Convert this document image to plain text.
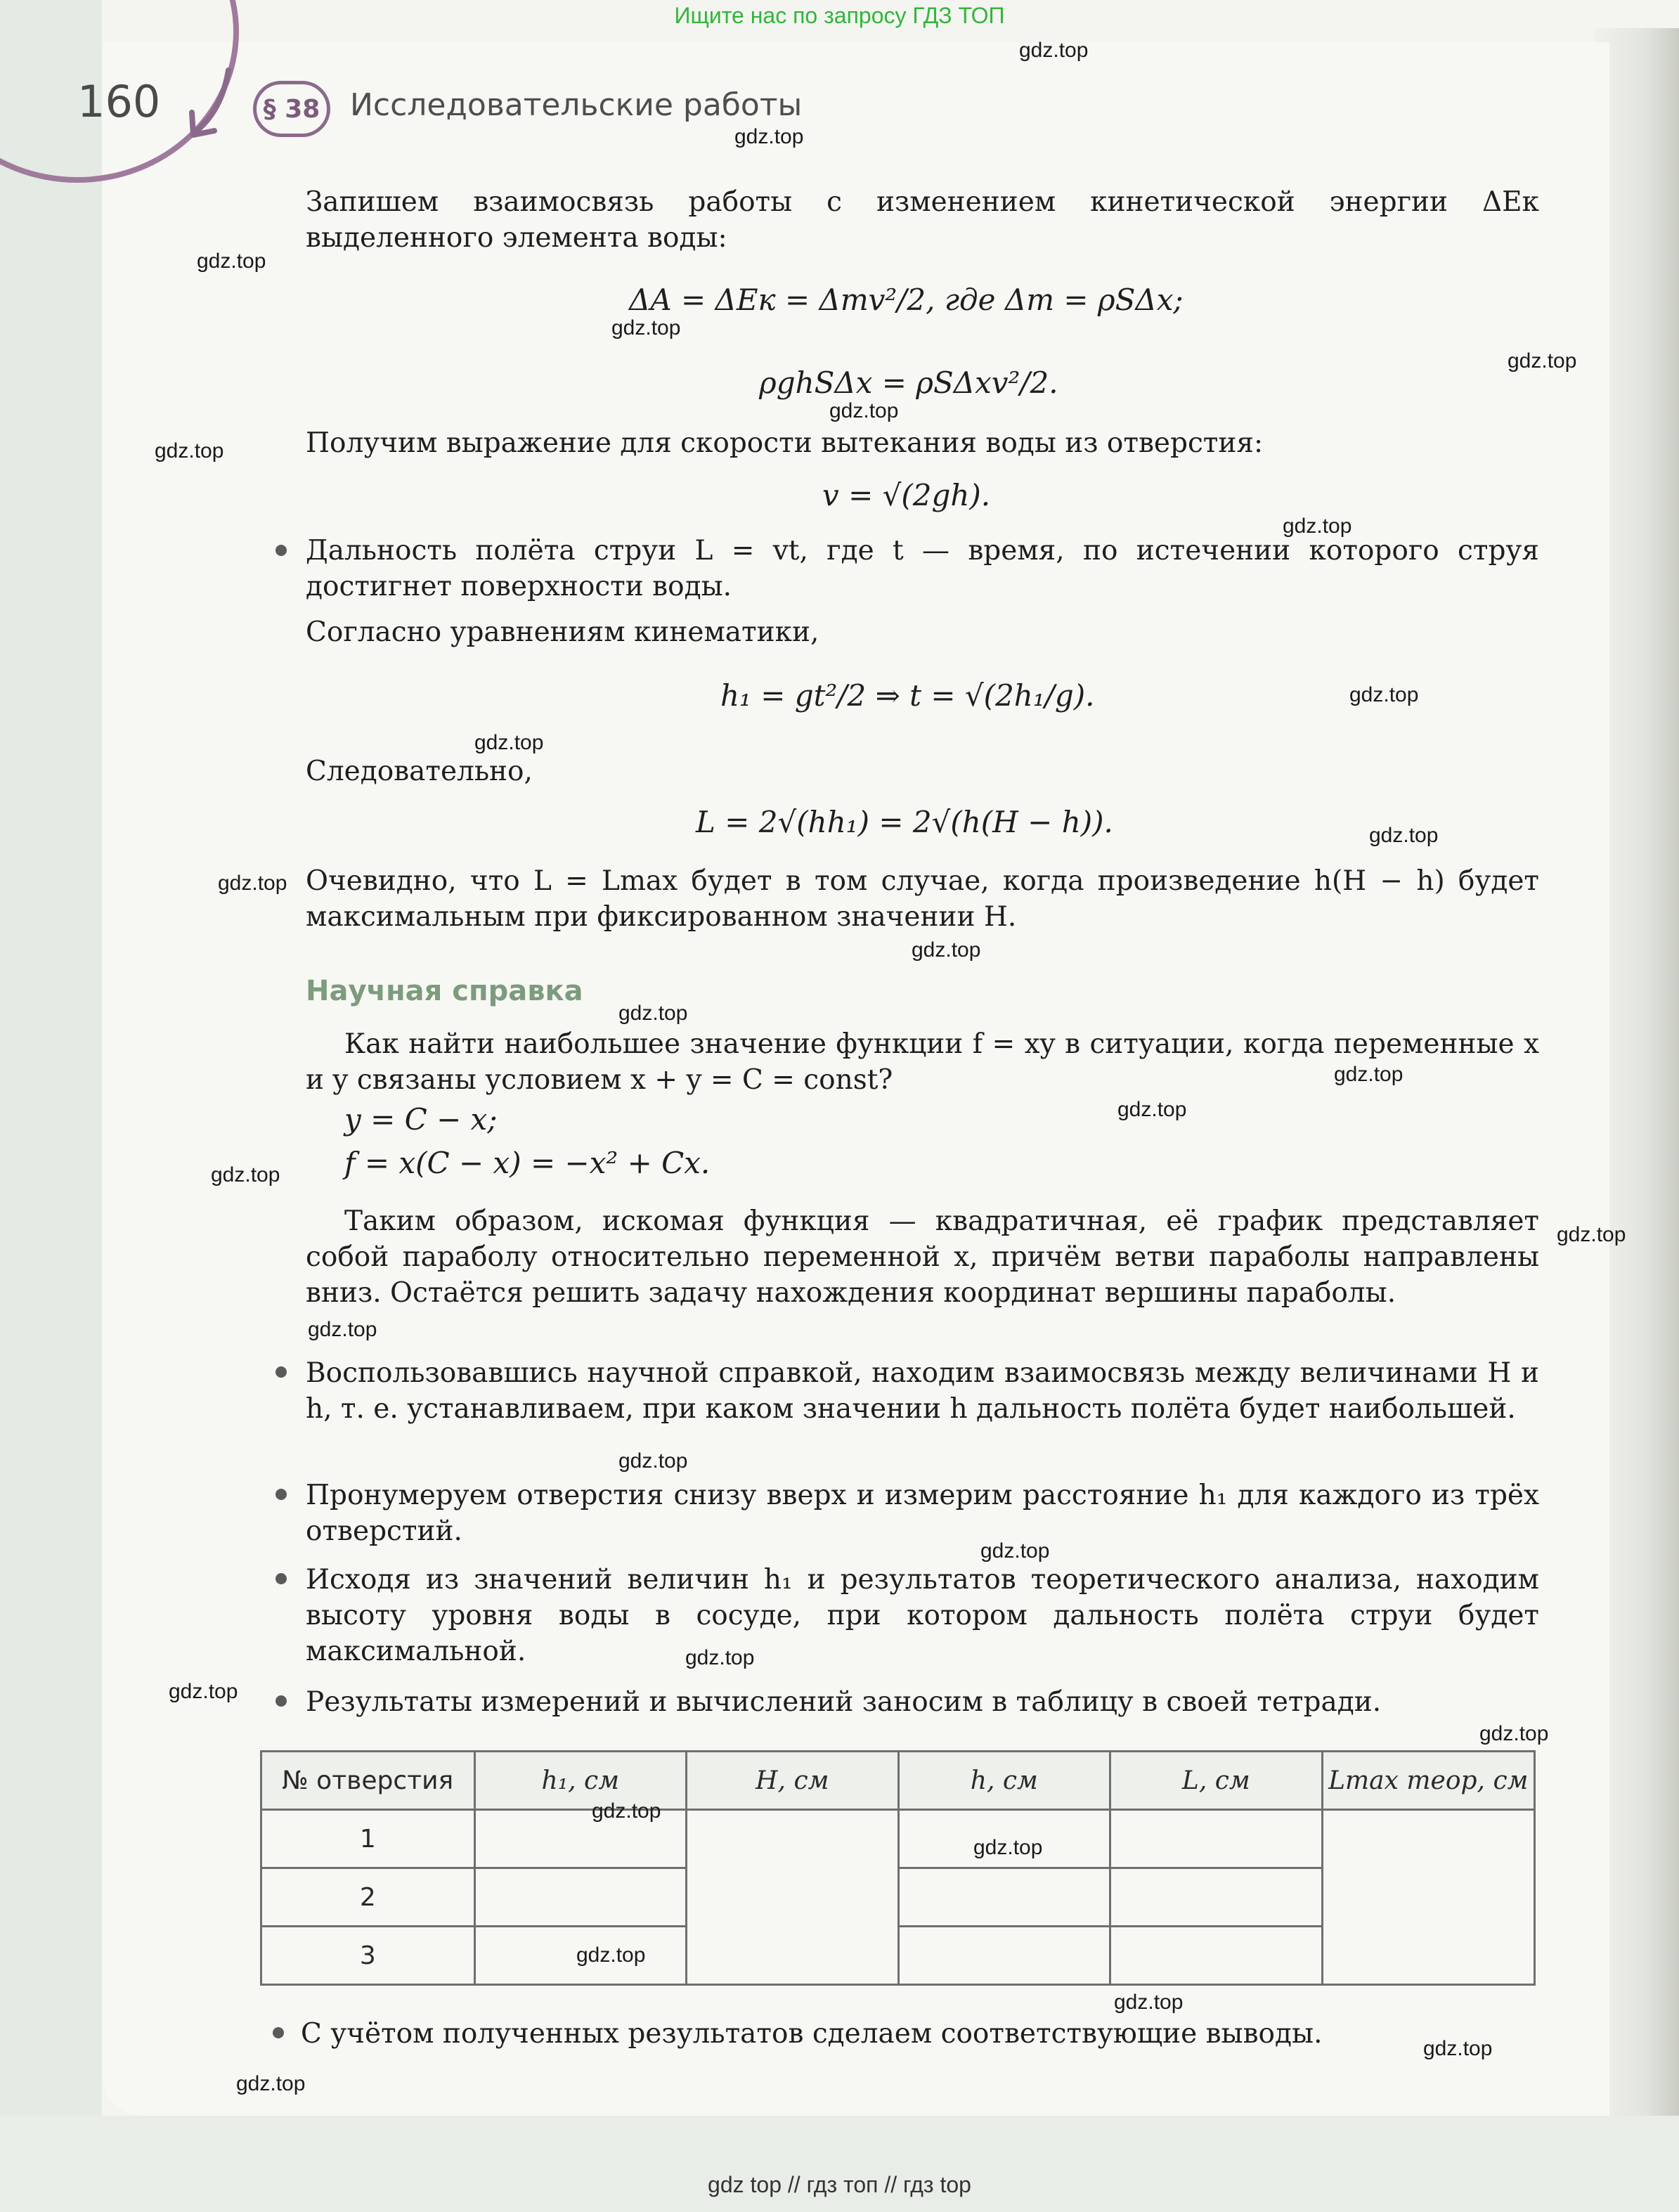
160	§ 38 Исследовательские работы
Ищите нас по запросу ГДЗ ТОП
gdz top // гдз топ // гдз top
Запишем взаимосвязь работы с изменением кинетической энергии ΔEк выделенного элемента воды:
ΔA = ΔEк = Δmv²/2, где Δm = ρSΔx;
ρghSΔx = ρSΔxv²/2.
Получим выражение для скорости вытекания воды из отверстия:
v = √(2gh).
Дальность полёта струи L = vt, где t — время, по истечении которого струя достигнет поверхности воды.
Согласно уравнениям кинематики,
h₁ = gt²/2 ⇒ t = √(2h₁/g).
Следовательно,
L = 2√(hh₁) = 2√(h(H − h)).
Очевидно, что L = Lmax будет в том случае, когда произведение h(H − h) будет максимальным при фиксированном значении H.
Научная справка
Как найти наибольшее значение функции f = xy в ситуации, когда переменные x и y связаны условием x + y = C = const?
y = C − x;
f = x(C − x) = −x² + Cx.
Таким образом, искомая функция — квадратичная, её график представляет собой параболу относительно переменной x, причём ветви параболы направлены вниз. Остаётся решить задачу нахождения координат вершины параболы.
Воспользовавшись научной справкой, находим взаимосвязь между величинами H и h, т. е. устанавливаем, при каком значении h дальность полёта будет наибольшей.
Пронумеруем отверстия снизу вверх и измерим расстояние h₁ для каждого из трёх отверстий.
Исходя из значений величин h₁ и результатов теоретического анализа, находим высоту уровня воды в сосуде, при котором дальность полёта струи будет максимальной.
Результаты измерений и вычислений заносим в таблицу в своей тетради.
№ отверстия	h₁, см	H, см	h, см	L, см	Lmax теор, см
1					
2					
3					
С учётом полученных результатов сделаем соответствующие выводы.
gdz.top
gdz.top
gdz.top
gdz.top
gdz.top
gdz.top
gdz.top
gdz.top
gdz.top
gdz.top
gdz.top
gdz.top
gdz.top
gdz.top
gdz.top
gdz.top
gdz.top
gdz.top
gdz.top
gdz.top
gdz.top
gdz.top
gdz.top
gdz.top
gdz.top
gdz.top
gdz.top
gdz.top
gdz.top
gdz.top
